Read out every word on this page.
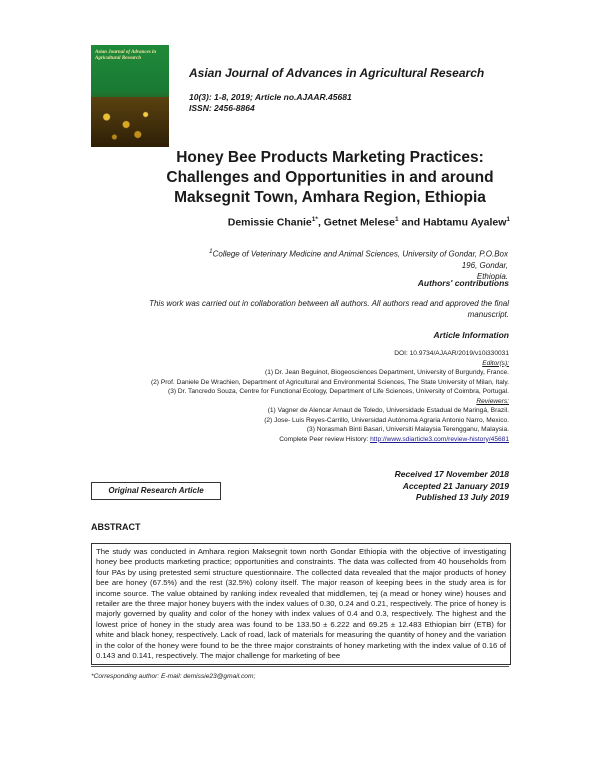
Asian Journal of Advances in Agricultural Research
Asian Journal of Advances in Agricultural Research
10(3): 1-8, 2019; Article no.AJAAR.45681
ISSN: 2456-8864
Honey Bee Products Marketing Practices:
Challenges and Opportunities in and around
Maksegnit Town, Amhara Region, Ethiopia
Demissie Chanie$^{1*}$, Getnet Melese$^1$ and Habtamu Ayalew$^1$
$^1$College of Veterinary Medicine and Animal Sciences, University of Gondar, P.O.Box 196, Gondar,
Ethiopia.
Authors' contributions
This work was carried out in collaboration between all authors. All authors read and approved the final
manuscript.
Article Information
DOI: 10.9734/AJAAR/2019/v10i330031
Editor(s):
(1) Dr. Jean Beguinot, Biogeosciences Department, University of Burgundy, France.
(2) Prof. Daniele De Wrachien, Department of Agricultural and Environmental Sciences, The State University of Milan, Italy.
(3) Dr. Tancredo Souza, Centre for Functional Ecology, Department of Life Sciences, University of Coimbra, Portugal.
Reviewers:
(1) Vagner de Alencar Arnaut de Toledo, Universidade Estadual de Maringá, Brazil.
(2) Jose- Luis Reyes-Carrillo, Universidad Autónoma Agraria Antonio Narro, Mexico.
(3) Norasmah Binti Basari, Universiti Malaysia Terengganu, Malaysia.
Complete Peer review History: http://www.sdiarticle3.com/review-history/45681
Received 17 November 2018
Accepted 21 January 2019
Published 13 July 2019
Original Research Article
ABSTRACT
The study was conducted in Amhara region Maksegnit town north Gondar Ethiopia with the objective of investigating honey bee products marketing practice; opportunities and constraints. The data was collected from 40 households from four PAs by using pretested semi structure questionnaire. The collected data revealed that the major products of honey bee are honey (67.5%) and the rest (32.5%) colony itself. The major reason of keeping bees in the study area is for income source. The value obtained by ranking index revealed that middlemen, tej (a mead or honey wine) houses and retailer are the three major honey buyers with the index values of 0.30, 0.24 and 0.21, respectively. The price of honey is majorly governed by quality and color of the honey with index values of 0.4 and 0.3, respectively. The highest and the lowest price of honey in the study area was found to be 133.50 ± 6.222 and 69.25 ± 12.483 Ethiopian birr (ETB) for white and black honey, respectively. Lack of road, lack of materials for measuring the quantity of honey and the variation in the color of the honey were found to be the three major constraints of honey marketing with the index value of 0.16 of 0.143 and 0.141, respectively. The major challenge for marketing of bee
*Corresponding author: E-mail: demissie23@gmail.com;
